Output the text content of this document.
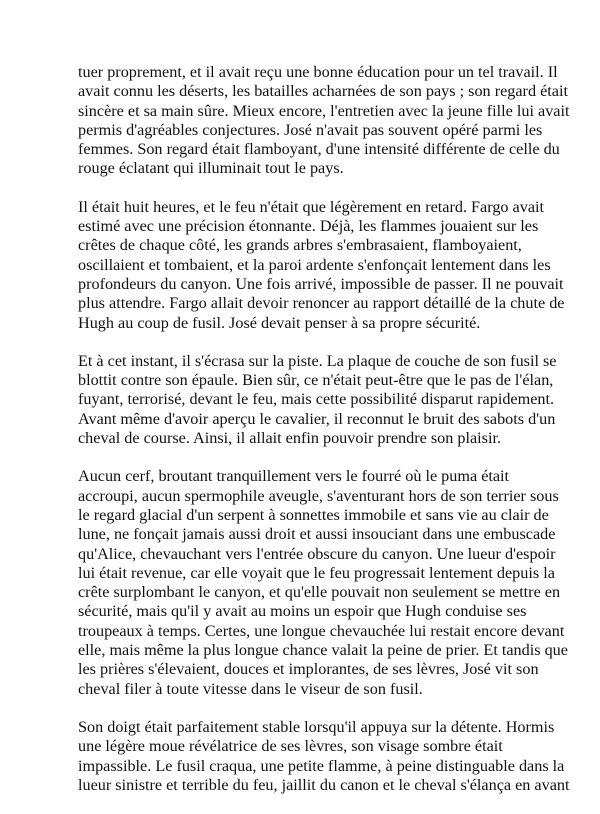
tuer proprement, et il avait reçu une bonne éducation pour un tel travail. Il
avait connu les déserts, les batailles acharnées de son pays ; son regard était
sincère et sa main sûre. Mieux encore, l'entretien avec la jeune fille lui avait
permis d'agréables conjectures. José n'avait pas souvent opéré parmi les
femmes. Son regard était flamboyant, d'une intensité différente de celle du
rouge éclatant qui illuminait tout le pays.

Il était huit heures, et le feu n'était que légèrement en retard. Fargo avait
estimé avec une précision étonnante. Déjà, les flammes jouaient sur les
crêtes de chaque côté, les grands arbres s'embrasaient, flamboyaient,
oscillaient et tombaient, et la paroi ardente s'enfonçait lentement dans les
profondeurs du canyon. Une fois arrivé, impossible de passer. Il ne pouvait
plus attendre. Fargo allait devoir renoncer au rapport détaillé de la chute de
Hugh au coup de fusil. José devait penser à sa propre sécurité.

Et à cet instant, il s'écrasa sur la piste. La plaque de couche de son fusil se
blottit contre son épaule. Bien sûr, ce n'était peut-être que le pas de l'élan,
fuyant, terrorisé, devant le feu, mais cette possibilité disparut rapidement.
Avant même d'avoir aperçu le cavalier, il reconnut le bruit des sabots d'un
cheval de course. Ainsi, il allait enfin pouvoir prendre son plaisir.

Aucun cerf, broutant tranquillement vers le fourré où le puma était
accroupi, aucun spermophile aveugle, s'aventurant hors de son terrier sous
le regard glacial d'un serpent à sonnettes immobile et sans vie au clair de
lune, ne fonçait jamais aussi droit et aussi insouciant dans une embuscade
qu'Alice, chevauchant vers l'entrée obscure du canyon. Une lueur d'espoir
lui était revenue, car elle voyait que le feu progressait lentement depuis la
crête surplombant le canyon, et qu'elle pouvait non seulement se mettre en
sécurité, mais qu'il y avait au moins un espoir que Hugh conduise ses
troupeaux à temps. Certes, une longue chevauchée lui restait encore devant
elle, mais même la plus longue chance valait la peine de prier. Et tandis que
les prières s'élevaient, douces et implorantes, de ses lèvres, José vit son
cheval filer à toute vitesse dans le viseur de son fusil.

Son doigt était parfaitement stable lorsqu'il appuya sur la détente. Hormis
une légère moue révélatrice de ses lèvres, son visage sombre était
impassible. Le fusil craqua, une petite flamme, à peine distinguable dans la
lueur sinistre et terrible du feu, jaillit du canon et le cheval s'élança en avant
